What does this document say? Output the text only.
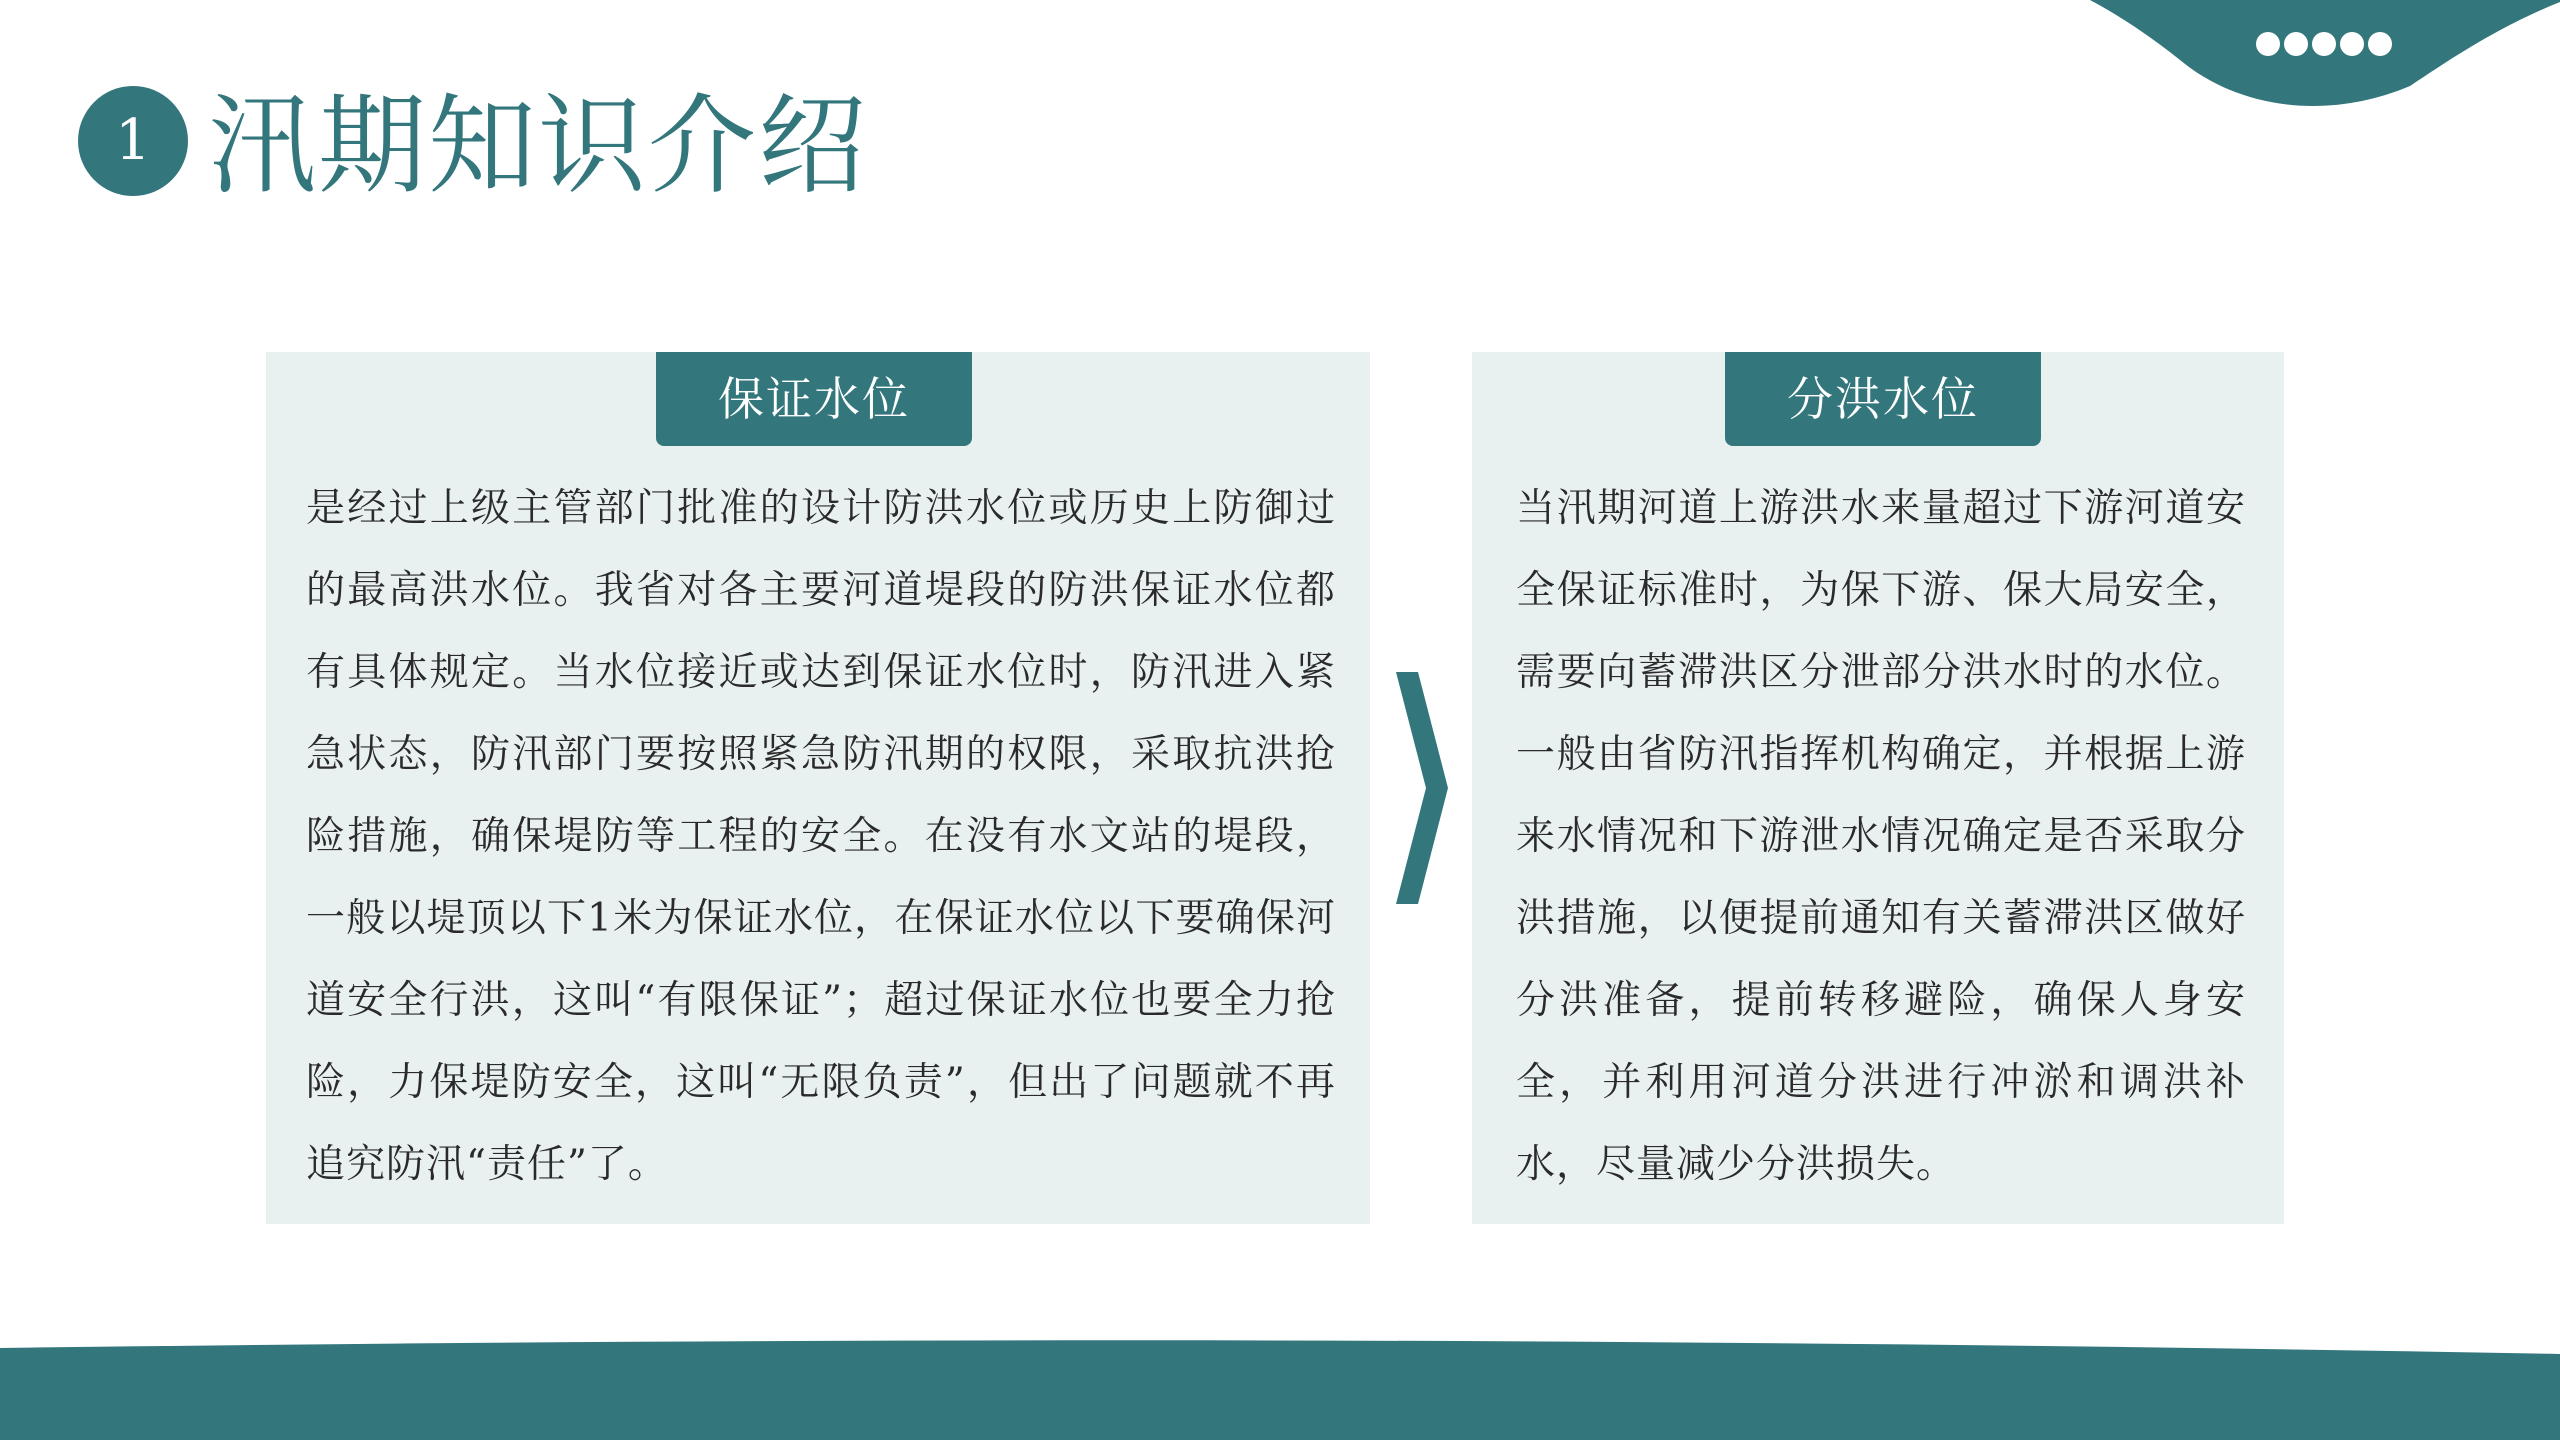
1 汛期知识介绍
保证水位

是经过上级主管部门批准的设计防洪水位或历史上防御过的最高洪水位。我省对各主要河道堤段的防洪保证水位都有具体规定。当水位接近或达到保证水位时，防汛进入紧急状态，防汛部门要按照紧急防汛期的权限，采取抗洪抢险措施，确保堤防等工程的安全。在没有水文站的堤段，一般以堤顶以下1米为保证水位，在保证水位以下要确保河道安全行洪，这叫“有限保证”；超过保证水位也要全力抢险，力保堤防安全，这叫“无限负责”，但出了问题就不再追究防汛“责任”了。

分洪水位

当汛期河道上游洪水来量超过下游河道安全保证标准时，为保下游、保大局安全，需要向蓄滞洪区分泄部分洪水时的水位。一般由省防汛指挥机构确定，并根据上游来水情况和下游泄水情况确定是否采取分洪措施，以便提前通知有关蓄滞洪区做好分洪准备，提前转移避险，确保人身安全，并利用河道分洪进行冲淤和调洪补水，尽量减少分洪损失。
